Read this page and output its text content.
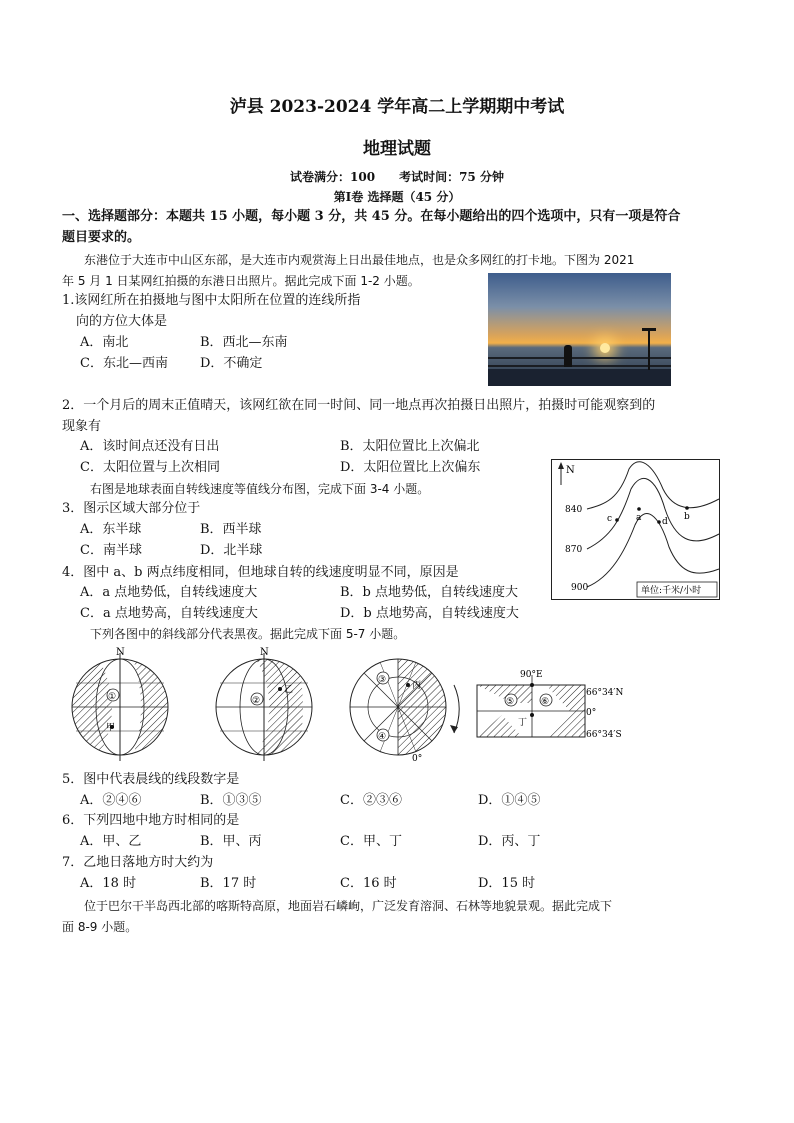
泸县 2023-2024 学年高二上学期期中考试
地理试题
试卷满分：100　　考试时间：75 分钟
第Ⅰ卷 选择题（45 分）
一、选择题部分：本题共 15 小题，每小题 3 分，共 45 分。在每小题给出的四个选项中，只有一项是符合
题目要求的。
东港位于大连市中山区东部，是大连市内观赏海上日出最佳地点，也是众多网红的打卡地。下图为 2021
年 5 月 1 日某网红拍摄的东港日出照片。据此完成下面 1-2 小题。
1.该网红所在拍摄地与图中太阳所在位置的连线所指
向的方位大体是
A．南北	B．西北—东南
C．东北—西南 D．不确定
2．一个月后的周末正值晴天，该网红欲在同一时间、同一地点再次拍摄日出照片，拍摄时可能观察到的
现象有
A．该时间点还没有日出	B．太阳位置比上次偏北
C．太阳位置与上次相同	D．太阳位置比上次偏东
右图是地球表面自转线速度等值线分布图，完成下面 3-4 小题。
3．图示区域大部分位于
A．东半球	B．西半球
C．南半球	D．北半球
4．图中 a、b 两点纬度相同，但地球自转的线速度明显不同，原因是
A．a 点地势低，自转线速度大	B．b 点地势低，自转线速度大
C．a 点地势高，自转线速度大	D．b 点地势高，自转线速度大
N
840
870
900
a	b
c	d
单位:千米/小时
下列各图中的斜线部分代表黑夜。据此完成下面 5-7 小题。
N
①
甲
N
②
乙
③
④
丙
0°
90°E
66°34′N
0°
66°34′S
⑤	⑥
丁
5．图中代表晨线的线段数字是
A．②④⑥	B．①③⑤	C．②③⑥	D．①④⑤
6．下列四地中地方时相同的是
A．甲、乙	B．甲、丙	C．甲、丁	D．丙、丁
7．乙地日落地方时大约为
A．18 时	B．17 时	C．16 时	D．15 时
位于巴尔干半岛西北部的喀斯特高原，地面岩石嶙峋，广泛发育溶洞、石林等地貌景观。据此完成下
面 8-9 小题。
